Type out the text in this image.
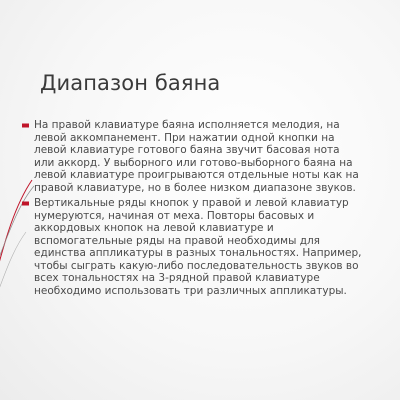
Диапазон баяна
На правой клавиатуре баяна исполняется мелодия, на
левой аккомпанемент. При нажатии одной кнопки на
левой клавиатуре готового баяна звучит басовая нота
или аккорд. У выборного или готово-выборного баяна на
левой клавиатуре проигрываются отдельные ноты как на
правой клавиатуре, но в более низком диапазоне звуков.
Вертикальные ряды кнопок у правой и левой клавиатур
нумеруются, начиная от меха. Повторы басовых и
аккордовых кнопок на левой клавиатуре и
вспомогательные ряды на правой необходимы для
единства аппликатуры в разных тональностях. Например,
чтобы сыграть какую-либо последовательность звуков во
всех тональностях на 3-рядной правой клавиатуре
необходимо использовать три различных аппликатуры.
